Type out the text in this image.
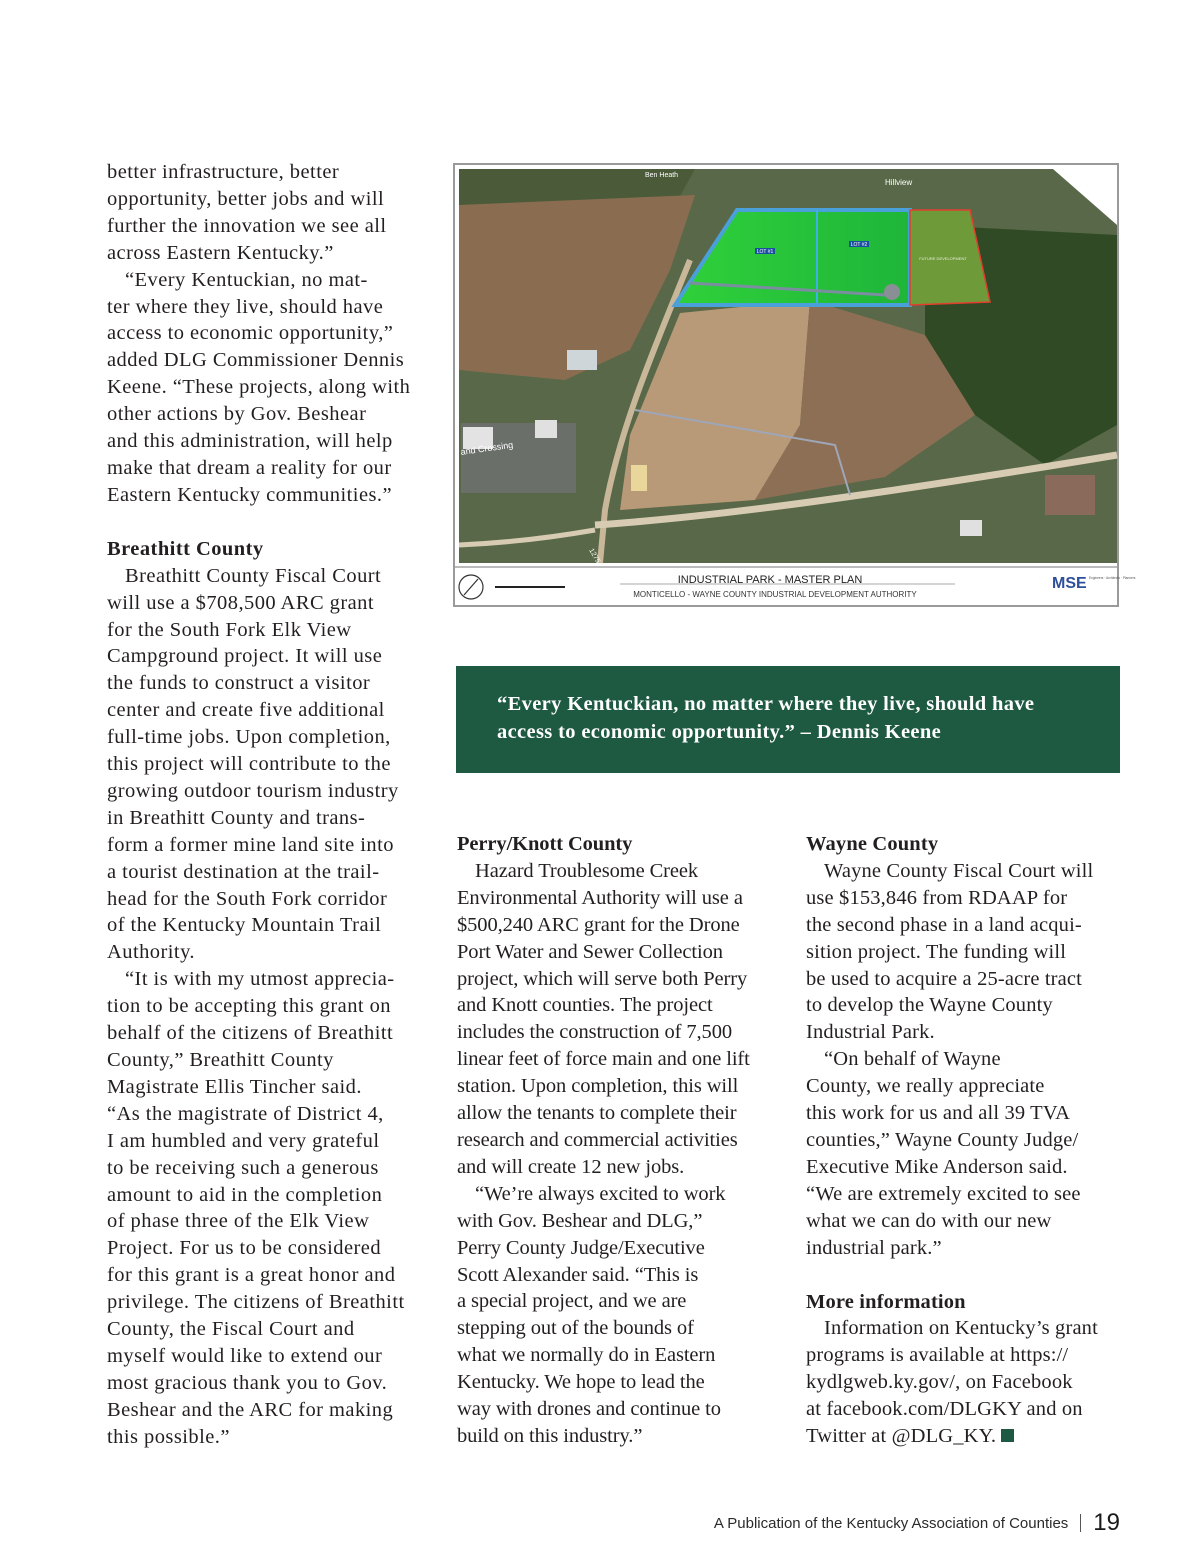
better infrastructure, better
opportunity, better jobs and will
further the innovation we see all
across Eastern Kentucky.”

“Every Kentuckian, no mat-
ter where they live, should have
access to economic opportunity,”
added DLG Commissioner Dennis
Keene. “These projects, along with
other actions by Gov. Beshear
and this administration, will help
make that dream a reality for our
Eastern Kentucky communities.”

Breathitt County

Breathitt County Fiscal Court
will use a $708,500 ARC grant
for the South Fork Elk View
Campground project. It will use
the funds to construct a visitor
center and create five additional
full-time jobs. Upon completion,
this project will contribute to the
growing outdoor tourism industry
in Breathitt County and trans-
form a former mine land site into
a tourist destination at the trail-
head for the South Fork corridor
of the Kentucky Mountain Trail
Authority.

“It is with my utmost apprecia-
tion to be accepting this grant on
behalf of the citizens of Breathitt
County,” Breathitt County
Magistrate Ellis Tincher said.
“As the magistrate of District 4,
I am humbled and very grateful
to be receiving such a generous
amount to aid in the completion
of phase three of the Elk View
Project. For us to be considered
for this grant is a great honor and
privilege. The citizens of Breathitt
County, the Fiscal Court and
myself would like to extend our
most gracious thank you to Gov.
Beshear and the ARC for making
this possible.”

LOT #1
LOT #2
FUTURE DEVELOPMENT
Hillview
Ben Heath
1275
and Crossing
INDUSTRIAL PARK - MASTER PLAN
MONTICELLO - WAYNE COUNTY INDUSTRIAL DEVELOPMENT AUTHORITY
MSE Engineers · Architects · Planners

“Every Kentuckian, no matter where they live, should have
access to economic opportunity.” – Dennis Keene

Perry/Knott County

Hazard Troublesome Creek
Environmental Authority will use a
$500,240 ARC grant for the Drone
Port Water and Sewer Collection
project, which will serve both Perry
and Knott counties. The project
includes the construction of 7,500
linear feet of force main and one lift
station. Upon completion, this will
allow the tenants to complete their
research and commercial activities
and will create 12 new jobs.

“We’re always excited to work
with Gov. Beshear and DLG,”
Perry County Judge/Executive
Scott Alexander said. “This is
a special project, and we are
stepping out of the bounds of
what we normally do in Eastern
Kentucky. We hope to lead the
way with drones and continue to
build on this industry.”

Wayne County

Wayne County Fiscal Court will
use $153,846 from RDAAP for
the second phase in a land acqui-
sition project. The funding will
be used to acquire a 25-acre tract
to develop the Wayne County
Industrial Park.

“On behalf of Wayne
County, we really appreciate
this work for us and all 39 TVA
counties,” Wayne County Judge/
Executive Mike Anderson said.
“We are extremely excited to see
what we can do with our new
industrial park.”

More information

Information on Kentucky’s grant
programs is available at https://
kydlgweb.ky.gov/, on Facebook
at facebook.com/DLGKY and on
Twitter at @DLG_KY.

A Publication of the Kentucky Association of Counties 19
